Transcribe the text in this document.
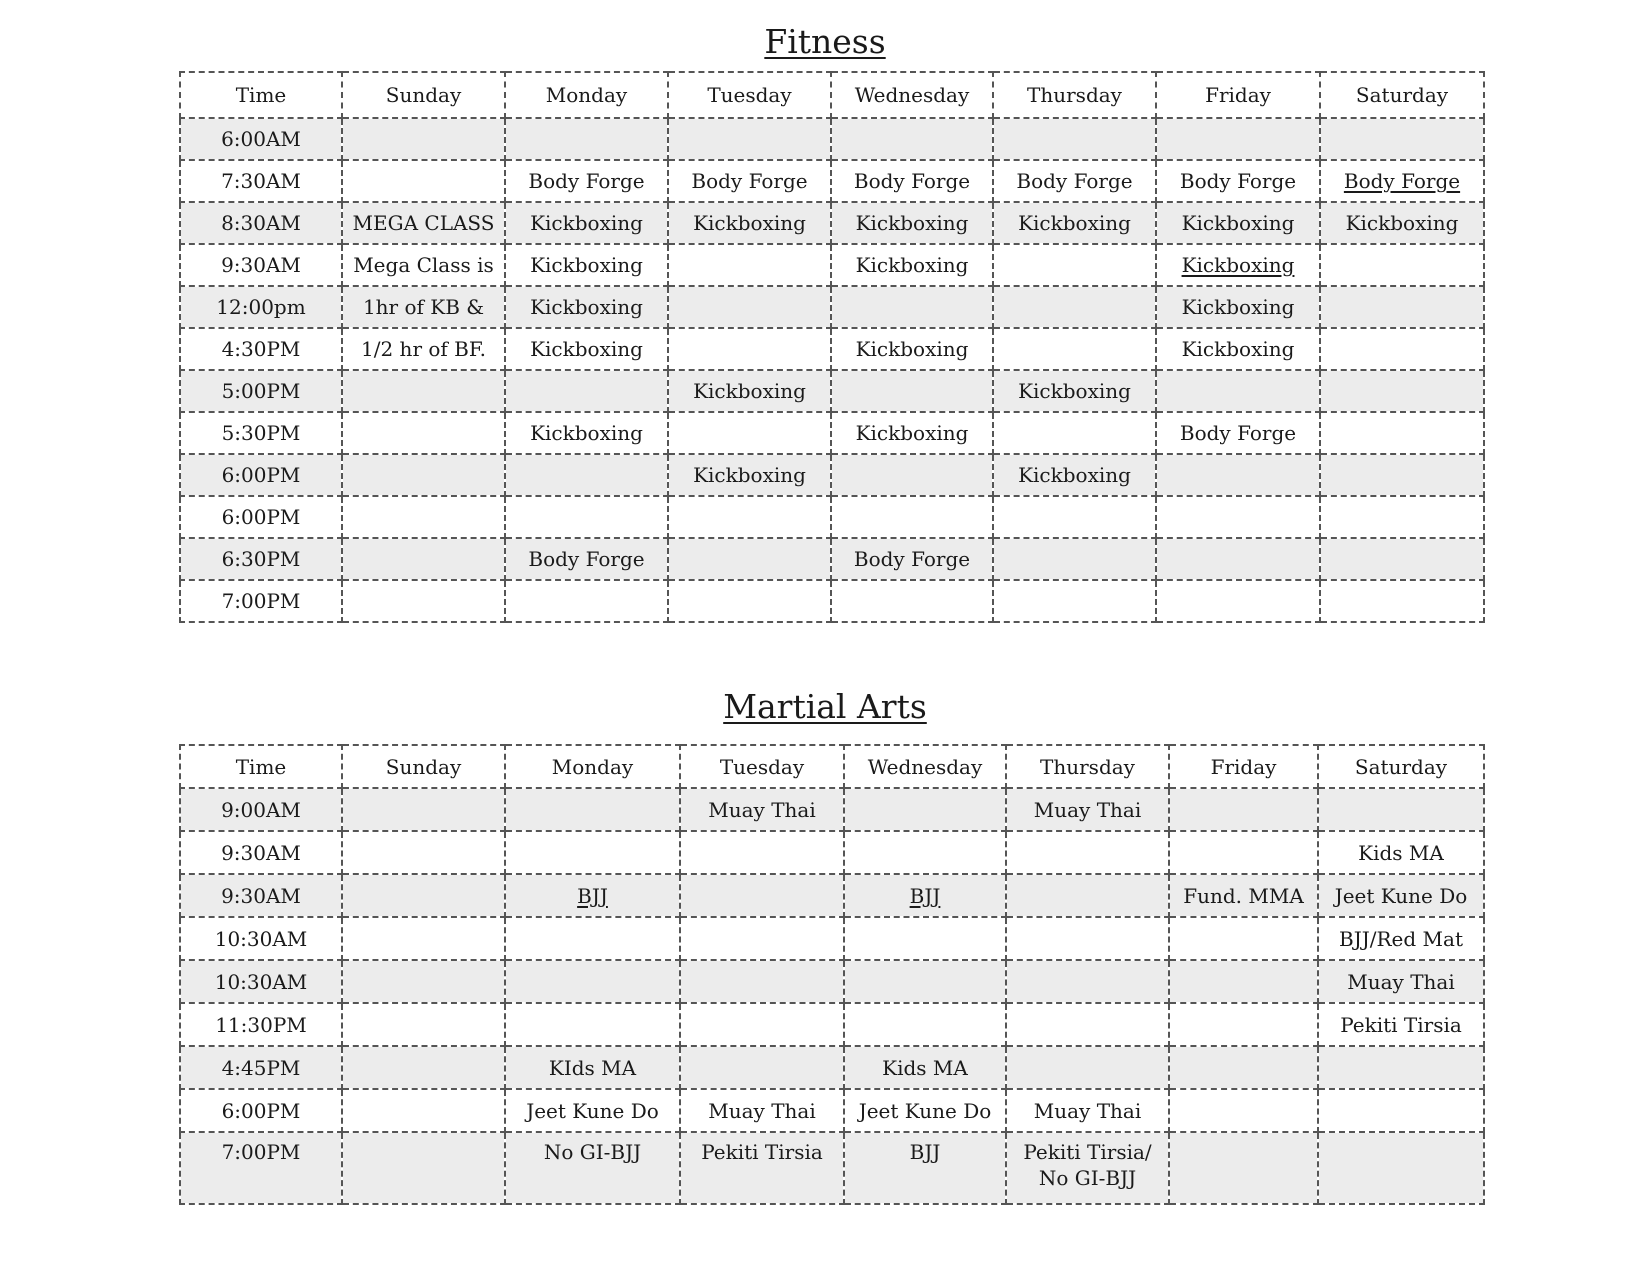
Fitness
Time	Sunday	Monday	Tuesday	Wednesday	Thursday	Friday	Saturday
6:00AM							
7:30AM		Body Forge	Body Forge	Body Forge	Body Forge	Body Forge	Body Forge
8:30AM	MEGA CLASS	Kickboxing	Kickboxing	Kickboxing	Kickboxing	Kickboxing	Kickboxing
9:30AM	Mega Class is	Kickboxing		Kickboxing		Kickboxing	
12:00pm	1hr of KB &	Kickboxing				Kickboxing	
4:30PM	1/2 hr of BF.	Kickboxing		Kickboxing		Kickboxing	
5:00PM			Kickboxing		Kickboxing		
5:30PM		Kickboxing		Kickboxing		Body Forge	
6:00PM			Kickboxing		Kickboxing		
6:00PM							
6:30PM		Body Forge		Body Forge			
7:00PM							
Martial Arts
Time	Sunday	Monday	Tuesday	Wednesday	Thursday	Friday	Saturday
9:00AM			Muay Thai		Muay Thai		
9:30AM							Kids MA
9:30AM		BJJ		BJJ		Fund. MMA	Jeet Kune Do
10:30AM							BJJ/Red Mat
10:30AM							Muay Thai
11:30PM							Pekiti Tirsia
4:45PM		KIds MA		Kids MA			
6:00PM		Jeet Kune Do	Muay Thai	Jeet Kune Do	Muay Thai		
7:00PM		No GI-BJJ	Pekiti Tirsia	BJJ	Pekiti Tirsia/
No GI-BJJ		
